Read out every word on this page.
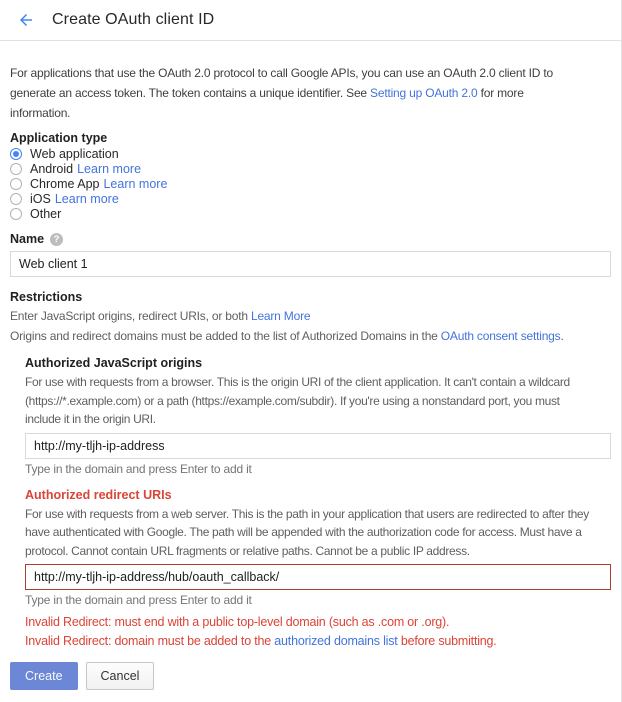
Create OAuth client ID
For applications that use the OAuth 2.0 protocol to call Google APIs, you can use an OAuth 2.0 client ID to
generate an access token. The token contains a unique identifier. See Setting up OAuth 2.0 for more
information.
Application type
Web application
Android Learn more
Chrome App Learn more
iOS Learn more
Other
Name	?
Web client 1
Restrictions
Enter JavaScript origins, redirect URIs, or both Learn More
Origins and redirect domains must be added to the list of Authorized Domains in the OAuth consent settings.
Authorized JavaScript origins
For use with requests from a browser. This is the origin URI of the client application. It can't contain a wildcard
(https://*.example.com) or a path (https://example.com/subdir). If you're using a nonstandard port, you must
include it in the origin URI.
http://my-tljh-ip-address
Type in the domain and press Enter to add it
Authorized redirect URIs
For use with requests from a web server. This is the path in your application that users are redirected to after they
have authenticated with Google. The path will be appended with the authorization code for access. Must have a
protocol. Cannot contain URL fragments or relative paths. Cannot be a public IP address.
http://my-tljh-ip-address/hub/oauth_callback/
Type in the domain and press Enter to add it
Invalid Redirect: must end with a public top-level domain (such as .com or .org).
Invalid Redirect: domain must be added to the authorized domains list before submitting.
Create	Cancel
